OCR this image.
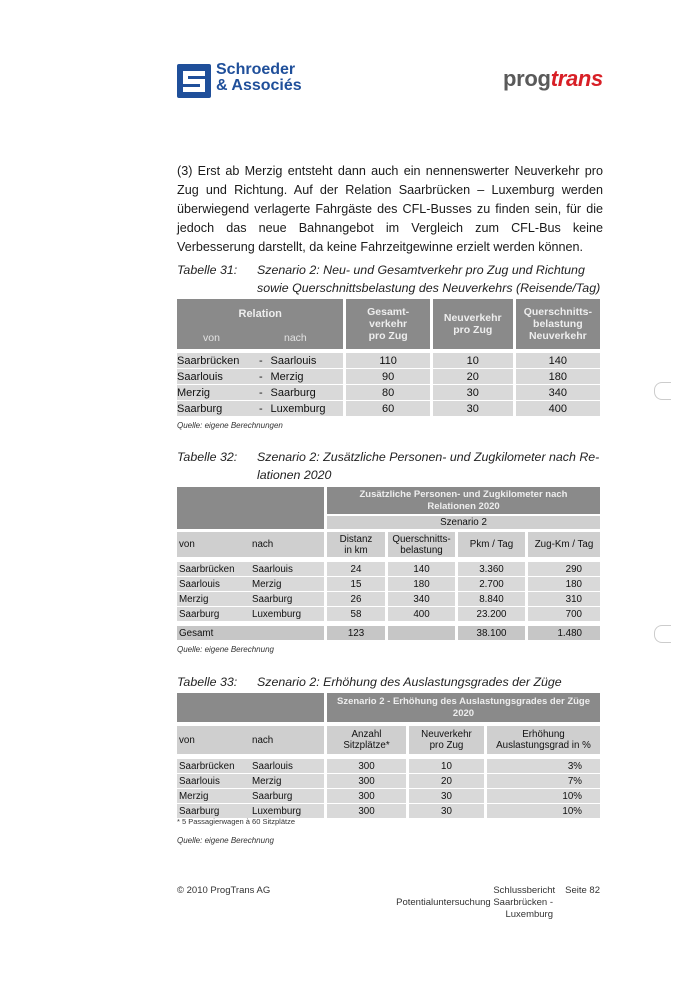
Schroeder
& Associés	progtrans
(3) Erst ab Merzig entsteht dann auch ein nennenswerter Neuverkehr pro Zug und Richtung. Auf der Relation Saarbrücken – Luxemburg werden überwiegend verlagerte Fahrgäste des CFL-Busses zu finden sein, für die jedoch das neue Bahnangebot im Vergleich zum CFL-Bus keine Verbesserung darstellt, da keine Fahrzeitgewinne erzielt werden können.
Tabelle 31: Szenario 2: Neu- und Gesamtverkehr pro Zug und Richtung
sowie Querschnittsbelastung des Neuverkehrs (Reisende/Tag)
Relation
von nach			Gesamt-verkehr pro Zug	Neuverkehr pro Zug	Querschnitts-belastung Neuverkehr

Saarbrücken	-	Saarlouis	110	10	140
Saarlouis	-	Merzig	90	20	180
Merzig	-	Saarburg	80	30	340
Saarburg	-	Luxemburg	60	30	400
Quelle: eigene Berechnungen
Tabelle 32: Szenario 2: Zusätzliche Personen- und Zugkilometer nach Re-
lationen 2020
		Zusätzliche Personen- und Zugkilometer nach Relationen 2020			
		Szenario 2			

von	nach	Distanz in km	Querschnitts-belastung	Pkm / Tag	Zug-Km / Tag

Saarbrücken	Saarlouis	24	140	3.360	290
Saarlouis	Merzig	15	180	2.700	180
Merzig	Saarburg	26	340	8.840	310
Saarburg	Luxemburg	58	400	23.200	700

Gesamt		123		38.100	1.480
Quelle: eigene Berechnung
Tabelle 33: Szenario 2: Erhöhung des Auslastungsgrades der Züge
		Szenario 2 - Erhöhung des Auslastungsgrades der Züge 2020		

von	nach	Anzahl Sitzplätze*	Neuverkehr pro Zug	Erhöhung Auslastungsgrad in %

Saarbrücken	Saarlouis	300	10	3%
Saarlouis	Merzig	300	20	7%
Merzig	Saarburg	300	30	10%
Saarburg	Luxemburg	300	30	10%
* 5 Passagierwagen à 60 Sitzplätze
Quelle: eigene Berechnung
© 2010 ProgTrans AG	Schlussbericht Seite 82
Potentialuntersuchung Saarbrücken - Luxemburg
